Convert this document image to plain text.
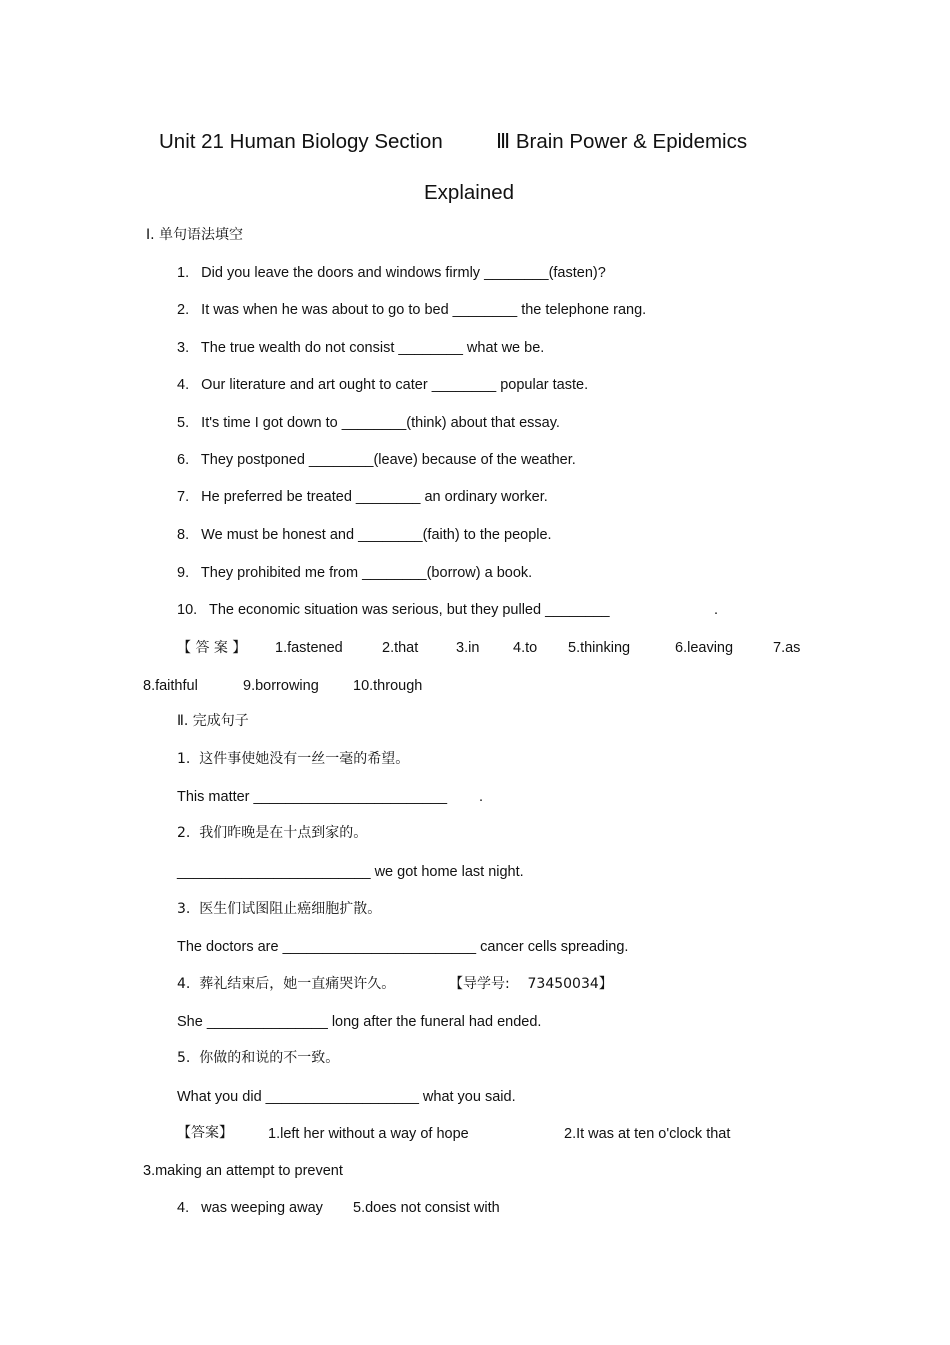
Unit 21 Human Biology Section	Ⅲ Brain Power & Epidemics
Explained
Ⅰ. 单句语法填空
1.   Did you leave the doors and windows firmly ________(fasten)?
2.   It was when he was about to go to bed ________ the telephone rang.
3.   The true wealth do not consist ________ what we be.
4.   Our literature and art ought to cater ________ popular taste.
5.   It's time I got down to ________(think) about that essay.
6.   They postponed ________(leave) because of the weather.
7.   He preferred be treated ________ an ordinary worker.
8.   We must be honest and ________(faith) to the people.
9.   They prohibited me from ________(borrow) a book.
10.   The economic situation was serious, but they pulled ________	.
【 答 案 】 1.fastened	2.that	3.in 4.to 5.thinking	6.leaving	7.as
8.faithful	9.borrowing 10.through
Ⅱ. 完成句子
1.  这件事使她没有一丝一毫的希望。
This matter ________________________ .
2.  我们昨晚是在十点到家的。
________________________ we got home last night.
3.  医生们试图阻止癌细胞扩散。
The doctors are ________________________ cancer cells spreading.
4.  葬礼结束后，她一直痛哭许久。	【导学号:    73450034】
She _______________ long after the funeral had ended.
5.  你做的和说的不一致。
What you did ___________________ what you said.
【答案】 1.left her without a way of hope	2.It was at ten o'clock that
3.making an attempt to prevent
4.   was weeping away 5.does not consist with
